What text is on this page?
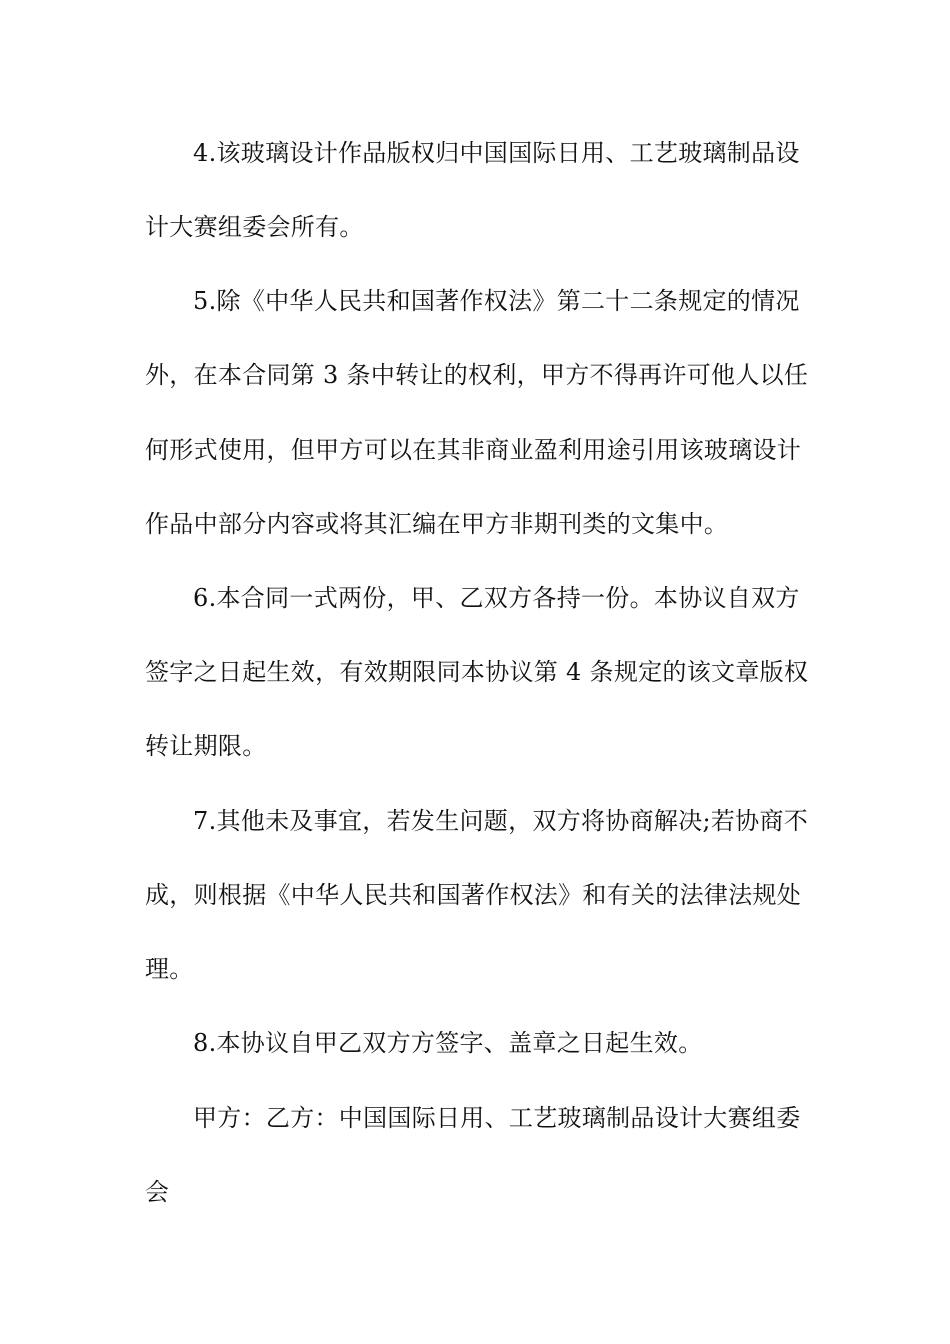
4.该玻璃设计作品版权归中国国际日用、工艺玻璃制品设
计大赛组委会所有。
5.除《中华人民共和国著作权法》第二十二条规定的情况
外，在本合同第 3 条中转让的权利，甲方不得再许可他人以任
何形式使用，但甲方可以在其非商业盈利用途引用该玻璃设计
作品中部分内容或将其汇编在甲方非期刊类的文集中。
6.本合同一式两份，甲、乙双方各持一份。本协议自双方
签字之日起生效，有效期限同本协议第 4 条规定的该文章版权
转让期限。
7.其他未及事宜，若发生问题，双方将协商解决;若协商不
成，则根据《中华人民共和国著作权法》和有关的法律法规处
理。
8.本协议自甲乙双方方签字、盖章之日起生效。
甲方：乙方：中国国际日用、工艺玻璃制品设计大赛组委
会
